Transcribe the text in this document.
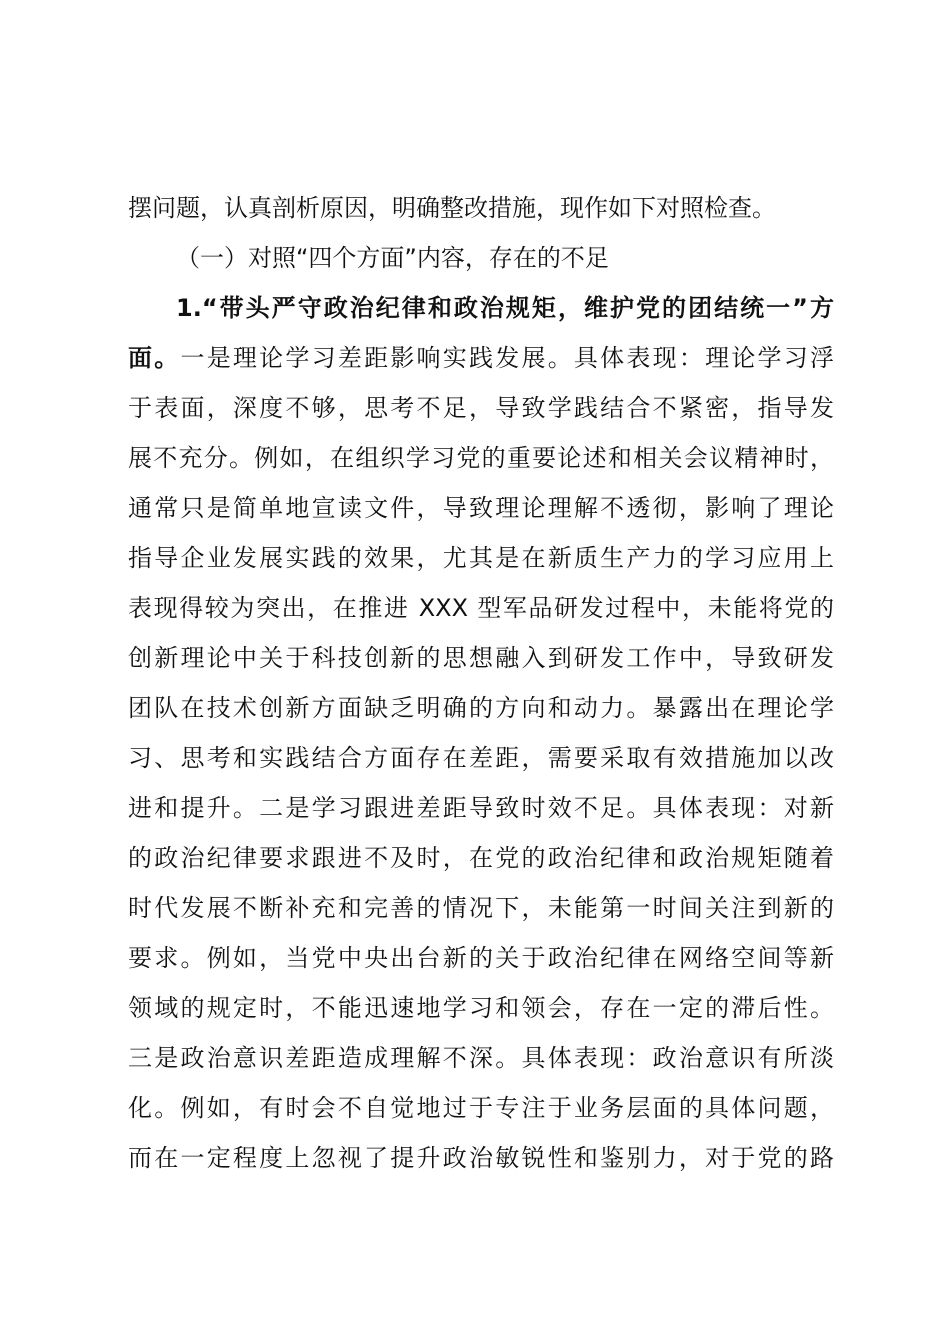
摆问题，认真剖析原因，明确整改措施，现作如下对照检查。
（一）对照“四个方面”内容，存在的不足
1.“带头严守政治纪律和政治规矩，维护党的团结统一”方
面。一是理论学习差距影响实践发展。具体表现：理论学习浮
于表面，深度不够，思考不足，导致学践结合不紧密，指导发
展不充分。例如，在组织学习党的重要论述和相关会议精神时，
通常只是简单地宣读文件，导致理论理解不透彻，影响了理论
指导企业发展实践的效果，尤其是在新质生产力的学习应用上
表现得较为突出，在推进 XXX 型军品研发过程中，未能将党的
创新理论中关于科技创新的思想融入到研发工作中，导致研发
团队在技术创新方面缺乏明确的方向和动力。暴露出在理论学
习、思考和实践结合方面存在差距，需要采取有效措施加以改
进和提升。二是学习跟进差距导致时效不足。具体表现：对新
的政治纪律要求跟进不及时，在党的政治纪律和政治规矩随着
时代发展不断补充和完善的情况下，未能第一时间关注到新的
要求。例如，当党中央出台新的关于政治纪律在网络空间等新
领域的规定时，不能迅速地学习和领会，存在一定的滞后性。
三是政治意识差距造成理解不深。具体表现：政治意识有所淡
化。例如，有时会不自觉地过于专注于业务层面的具体问题，
而在一定程度上忽视了提升政治敏锐性和鉴别力，对于党的路
